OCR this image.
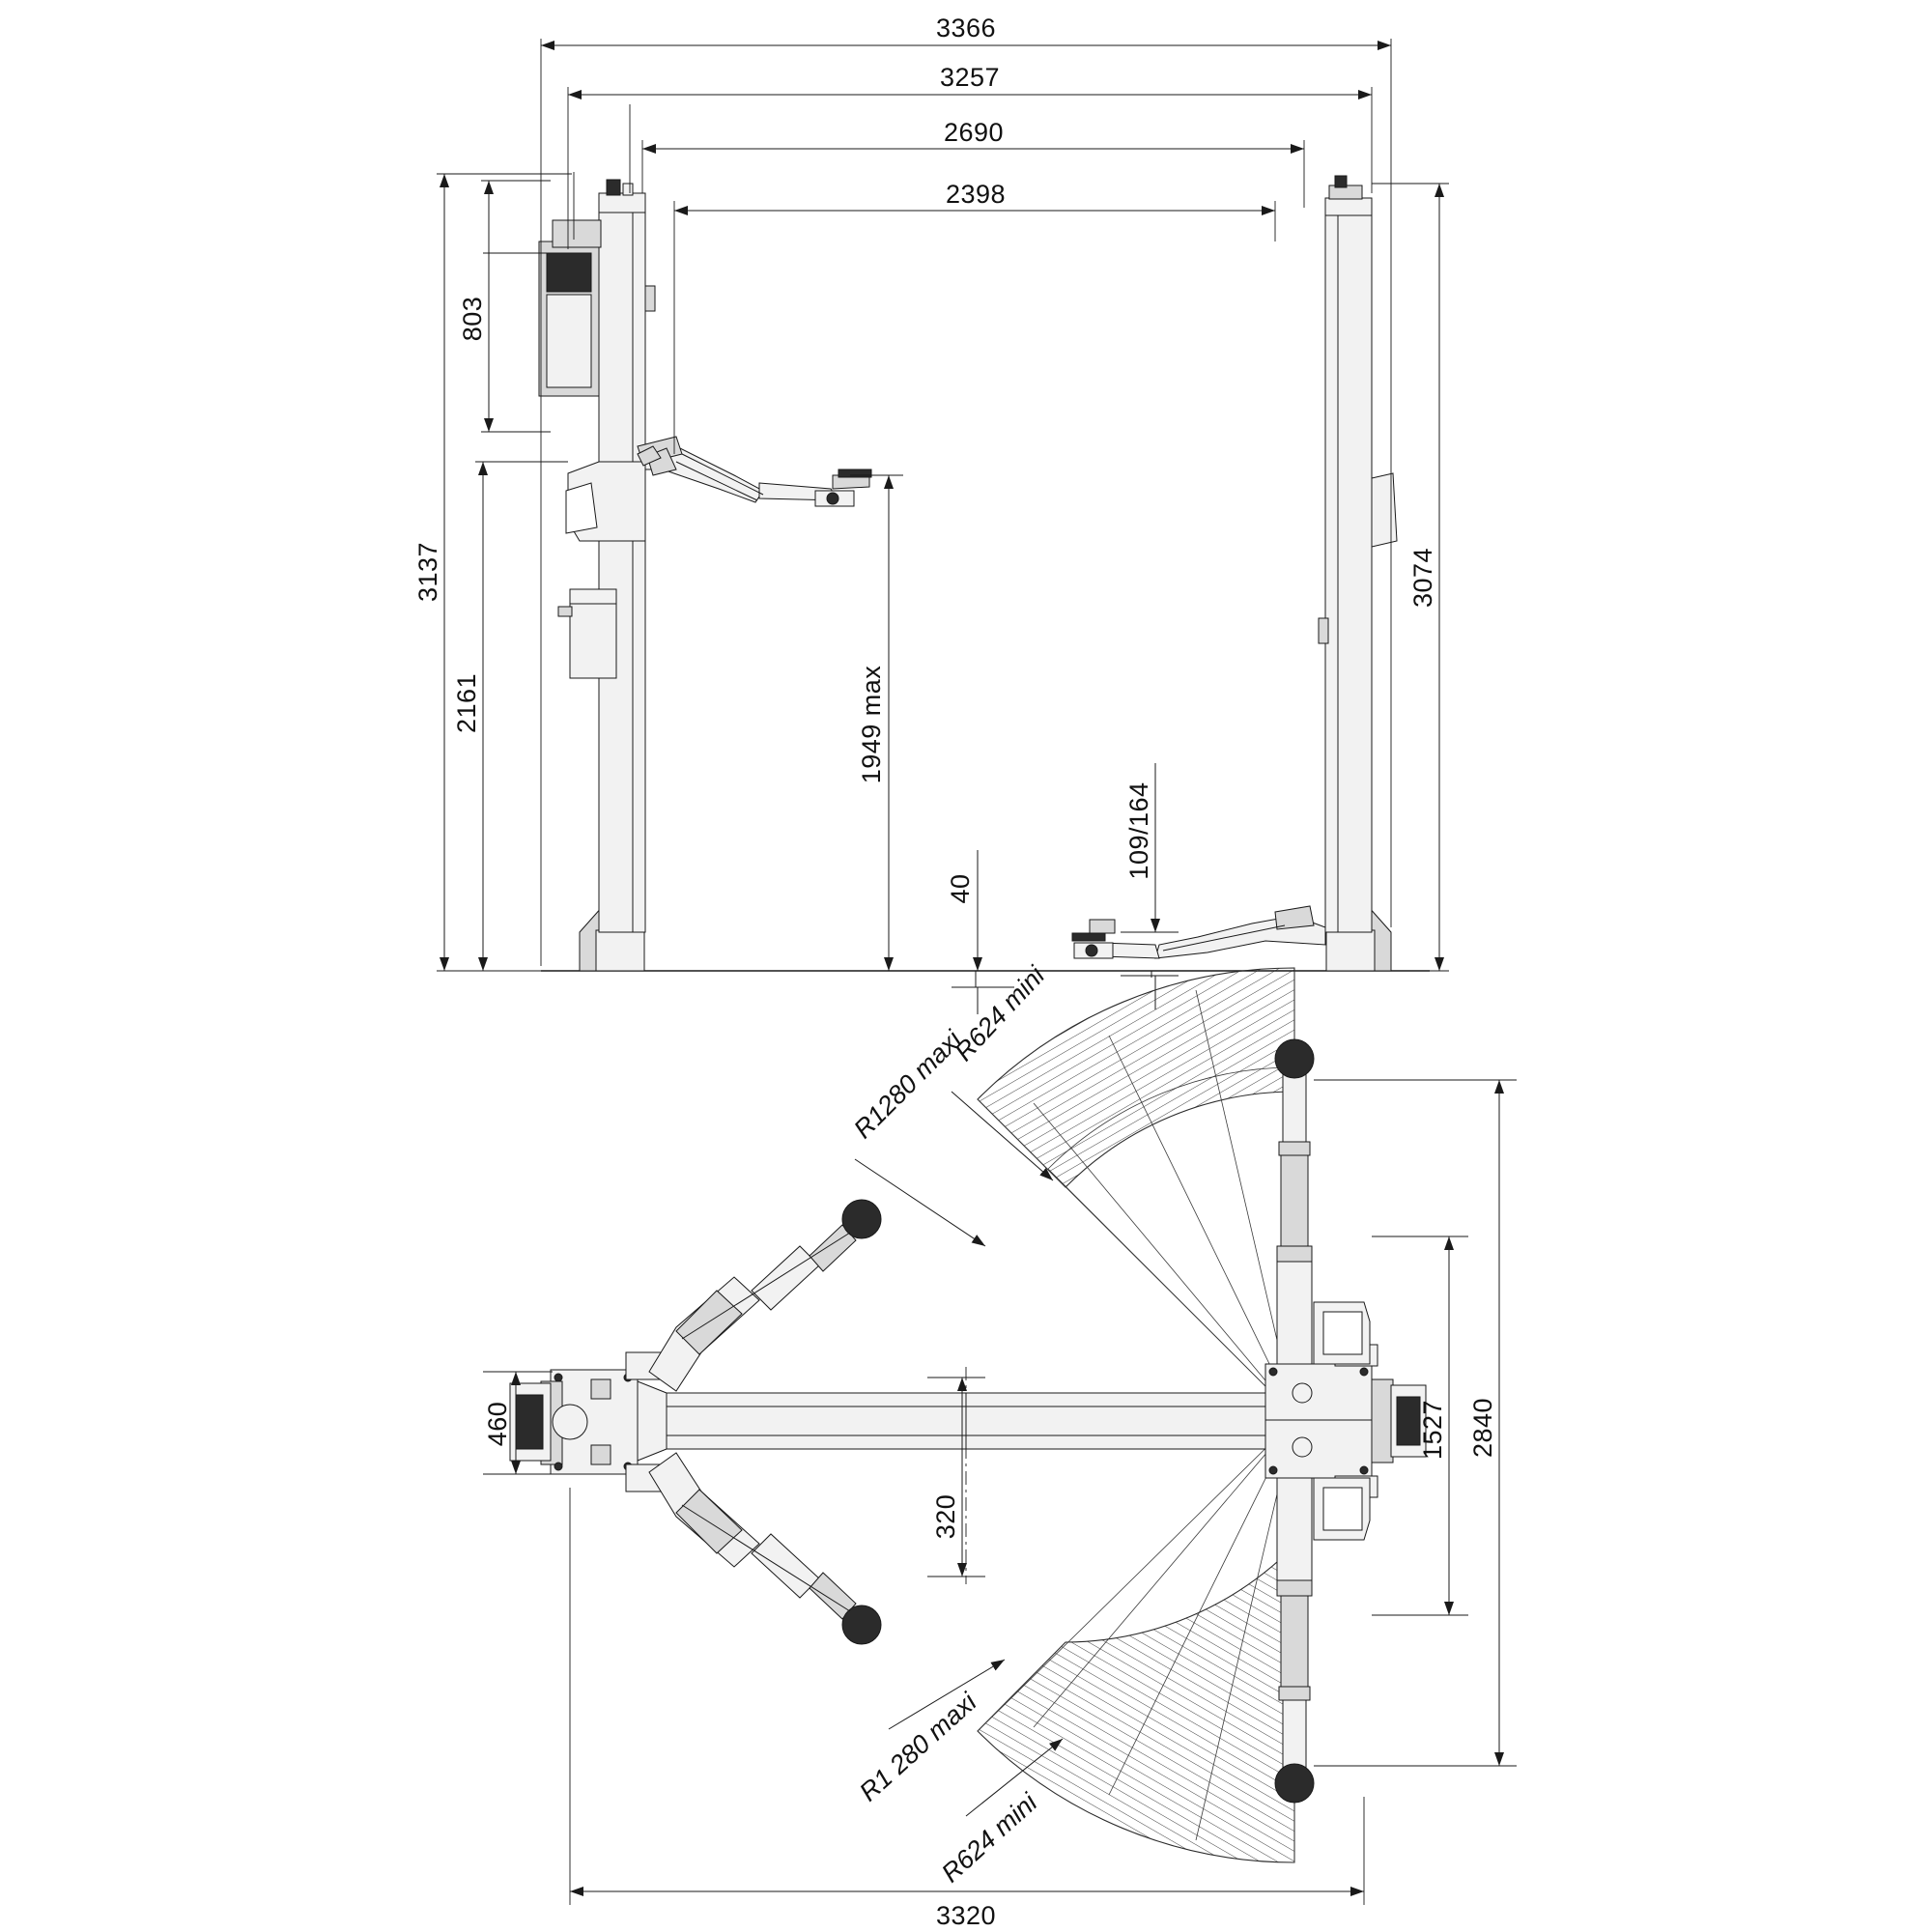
3366
3257
2690
2398
3137
2161
803
3074
1949 max
40
109/164
R624 mini
R1280 maxi
R1 280 maxi
R624 mini
2840
1527
460
320
3320
